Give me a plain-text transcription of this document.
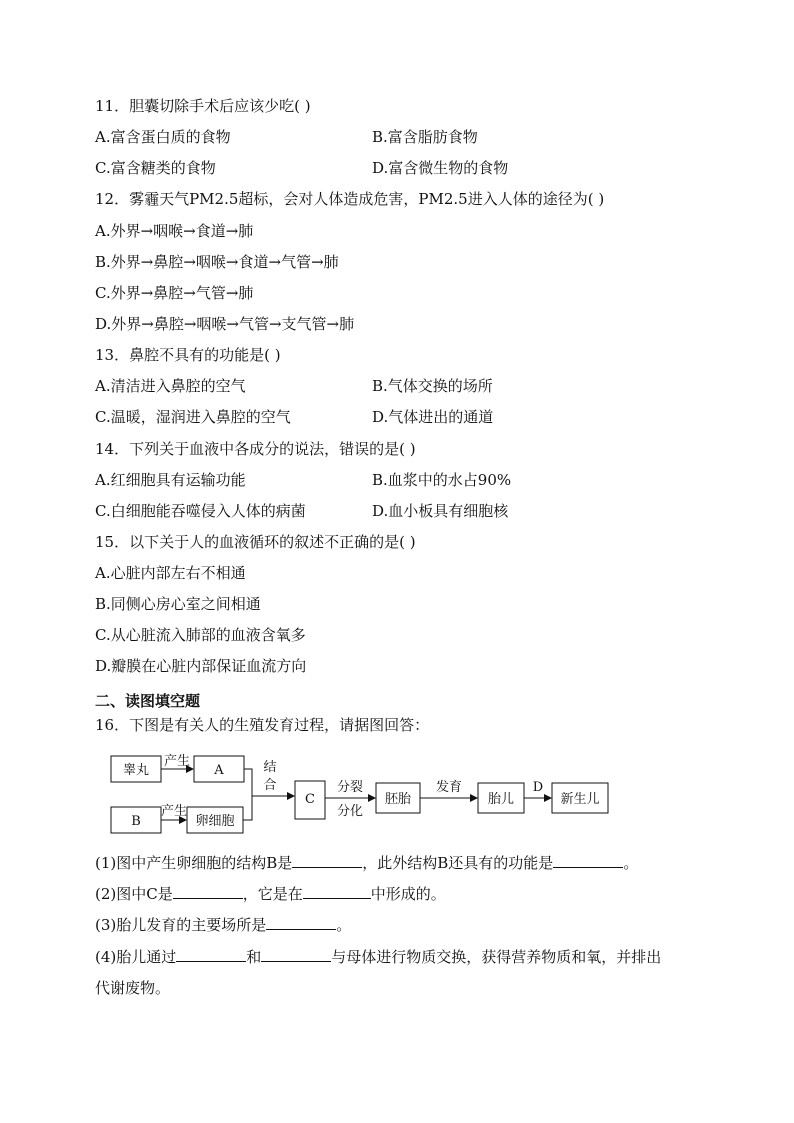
11．胆囊切除手术后应该少吃( )
A.富含蛋白质的食物	B.富含脂肪食物
C.富含糖类的食物	D.富含微生物的食物
12．雾霾天气PM2.5超标，会对人体造成危害，PM2.5进入人体的途径为( )
A.外界→咽喉→食道→肺
B.外界→鼻腔→咽喉→食道→气管→肺
C.外界→鼻腔→气管→肺
D.外界→鼻腔→咽喉→气管→支气管→肺
13．鼻腔不具有的功能是( )
A.清洁进入鼻腔的空气	B.气体交换的场所
C.温暖，湿润进入鼻腔的空气	D.气体进出的通道
14．下列关于血液中各成分的说法，错误的是( )
A.红细胞具有运输功能	B.血浆中的水占90%
C.白细胞能吞噬侵入人体的病菌	D.血小板具有细胞核
15．以下关于人的血液循环的叙述不正确的是( )
A.心脏内部左右不相通
B.同侧心房心室之间相通
C.从心脏流入肺部的血液含氧多
D.瓣膜在心脏内部保证血流方向
二、读图填空题
16．下图是有关人的生殖发育过程，请据图回答：
睾丸
产生
A
B
产生
卵细胞
结
合
C
分裂
分化
胚胎
发育
胎儿
D
新生儿
(1)图中产生卵细胞的结构B是	，此外结构B还具有的功能是	。
(2)图中C是	，它是在	中形成的。
(3)胎儿发育的主要场所是	。
(4)胎儿通过	和	与母体进行物质交换，获得营养物质和氧，并排出
代谢废物。
